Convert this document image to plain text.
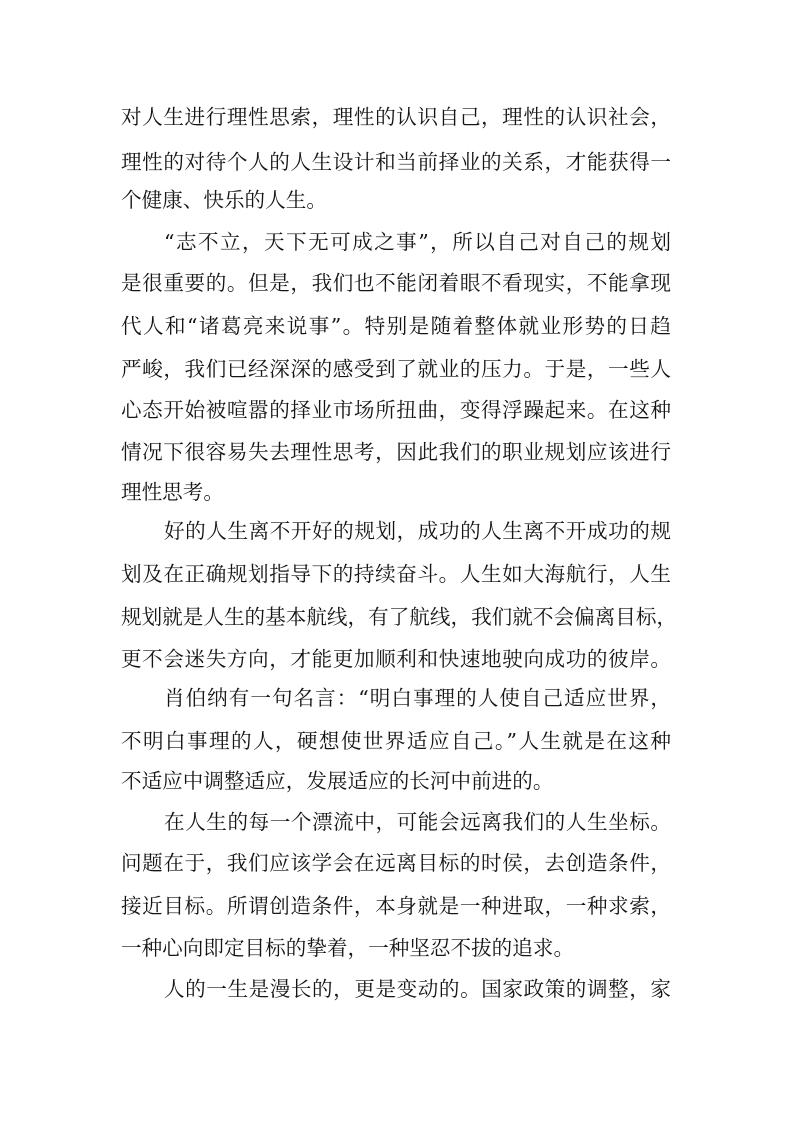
对人生进行理性思索，理性的认识自己，理性的认识社会，
理性的对待个人的人生设计和当前择业的关系，才能获得一
个健康、快乐的人生。
“志不立，天下无可成之事”，所以自己对自己的规划
是很重要的。但是，我们也不能闭着眼不看现实，不能拿现
代人和“诸葛亮来说事”。特别是随着整体就业形势的日趋
严峻，我们已经深深的感受到了就业的压力。于是，一些人
心态开始被喧嚣的择业市场所扭曲，变得浮躁起来。在这种
情况下很容易失去理性思考，因此我们的职业规划应该进行
理性思考。
好的人生离不开好的规划，成功的人生离不开成功的规
划及在正确规划指导下的持续奋斗。人生如大海航行，人生
规划就是人生的基本航线，有了航线，我们就不会偏离目标，
更不会迷失方向，才能更加顺利和快速地驶向成功的彼岸。
肖伯纳有一句名言：“明白事理的人使自己适应世界，
不明白事理的人，硬想使世界适应自己。”人生就是在这种
不适应中调整适应，发展适应的长河中前进的。
在人生的每一个漂流中，可能会远离我们的人生坐标。
问题在于，我们应该学会在远离目标的时侯，去创造条件，
接近目标。所谓创造条件，本身就是一种进取，一种求索，
一种心向即定目标的挚着，一种坚忍不拔的追求。
人的一生是漫长的，更是变动的。国家政策的调整，家
